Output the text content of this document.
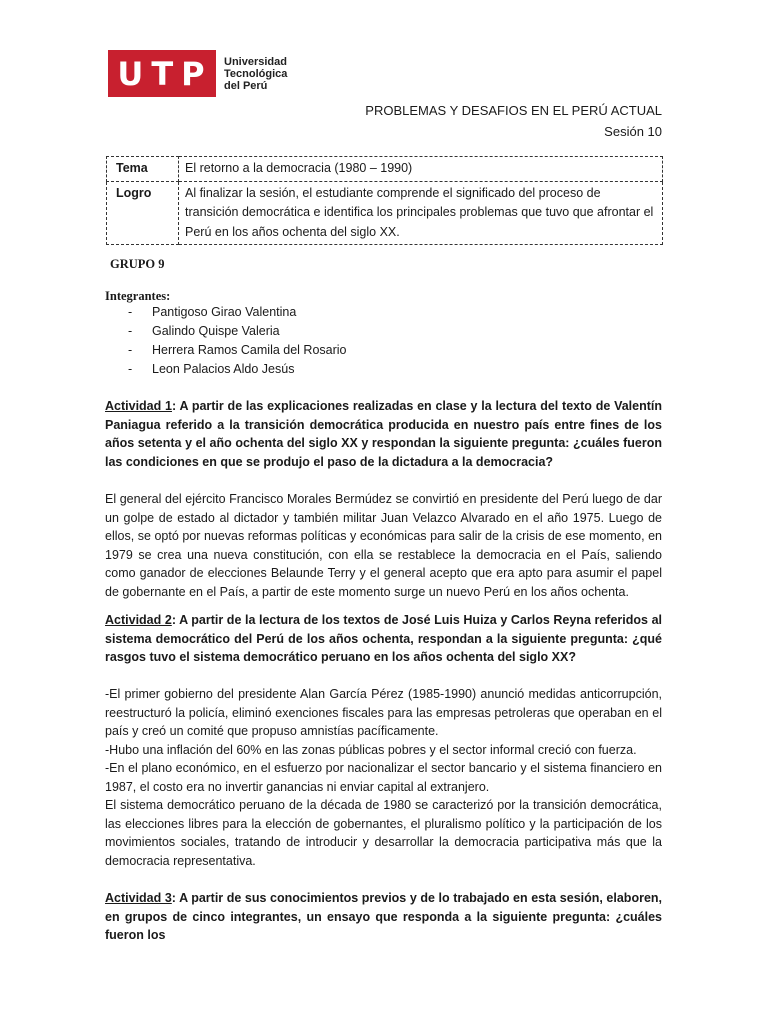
UTP	Universidad
Tecnológica
del Perú
PROBLEMAS Y DESAFIOS EN EL PERÚ ACTUAL
Sesión 10
Tema	El retorno a la democracia (1980 – 1990)
Logro	Al finalizar la sesión, el estudiante comprende el significado del proceso de transición democrática e identifica los principales problemas que tuvo que afrontar el Perú en los años ochenta del siglo XX.
GRUPO 9
Integrantes:
-	Pantigoso Girao Valentina
-	Galindo Quispe Valeria
-	Herrera Ramos Camila del Rosario
-	Leon Palacios Aldo Jesús
Actividad 1: A partir de las explicaciones realizadas en clase y la lectura del texto de Valentín Paniagua referido a la transición democrática producida en nuestro país entre fines de los años setenta y el año ochenta del siglo XX y respondan la siguiente pregunta: ¿cuáles fueron las condiciones en que se produjo el paso de la dictadura a la democracia?

El general del ejército Francisco Morales Bermúdez se convirtió en presidente del Perú luego de dar un golpe de estado al dictador y también militar Juan Velazco Alvarado en el año 1975. Luego de ellos, se optó por nuevas reformas políticas y económicas para salir de la crisis de ese momento, en 1979 se crea una nueva constitución, con ella se restablece la democracia en el País, saliendo como ganador de elecciones Belaunde Terry y el general acepto que era apto para asumir el papel de gobernante en el País, a partir de este momento surge un nuevo Perú en los años ochenta.

Actividad 2: A partir de la lectura de los textos de José Luis Huiza y Carlos Reyna referidos al sistema democrático del Perú de los años ochenta, respondan a la siguiente pregunta: ¿qué rasgos tuvo el sistema democrático peruano en los años ochenta del siglo XX?

-El primer gobierno del presidente Alan García Pérez (1985-1990) anunció medidas anticorrupción, reestructuró la policía, eliminó exenciones fiscales para las empresas petroleras que operaban en el país y creó un comité que propuso amnistías pacíficamente.

-Hubo una inflación del 60% en las zonas públicas pobres y el sector informal creció con fuerza.

-En el plano económico, en el esfuerzo por nacionalizar el sector bancario y el sistema financiero en 1987, el costo era no invertir ganancias ni enviar capital al extranjero.

El sistema democrático peruano de la década de 1980 se caracterizó por la transición democrática, las elecciones libres para la elección de gobernantes, el pluralismo político y la participación de los movimientos sociales, tratando de introducir y desarrollar la democracia participativa más que la democracia representativa.

Actividad 3: A partir de sus conocimientos previos y de lo trabajado en esta sesión, elaboren, en grupos de cinco integrantes, un ensayo que responda a la siguiente pregunta: ¿cuáles fueron los
